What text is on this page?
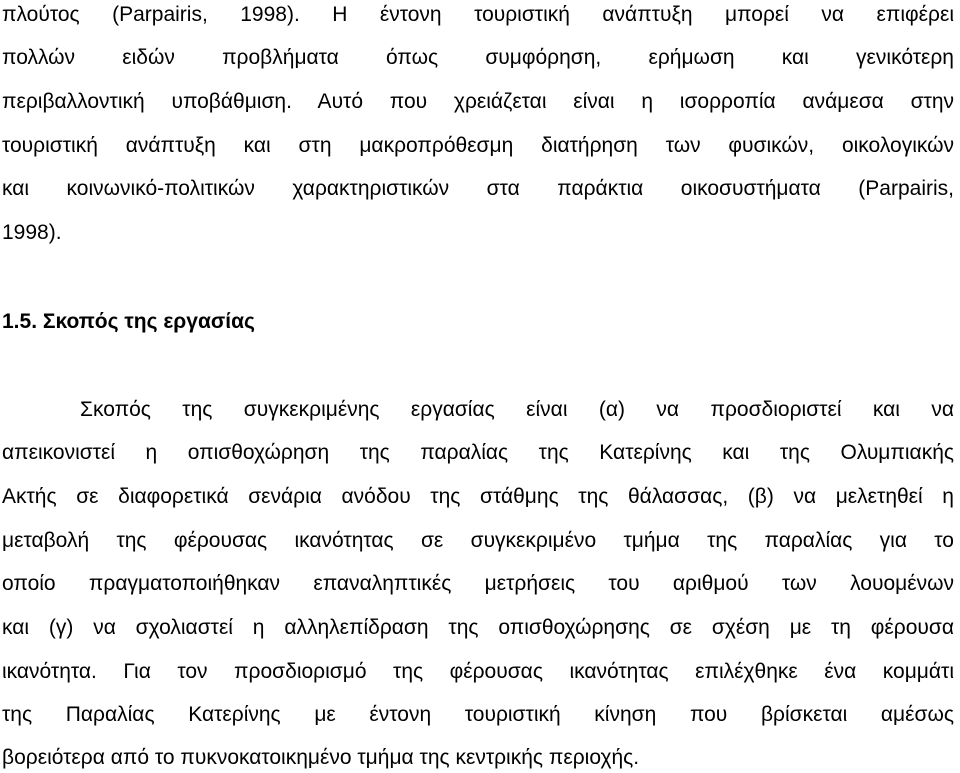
πλούτος (Parpairis, 1998). Η έντονη τουριστική ανάπτυξη μπορεί να επιφέρει
πολλών ειδών προβλήματα όπως συμφόρηση, ερήμωση και γενικότερη
περιβαλλοντική υποβάθμιση. Αυτό που χρειάζεται είναι η ισορροπία ανάμεσα στην
τουριστική ανάπτυξη και στη μακροπρόθεσμη διατήρηση των φυσικών, οικολογικών
και κοινωνικό-πολιτικών χαρακτηριστικών στα παράκτια οικοσυστήματα (Parpairis,
1998).
1.5. Σκοπός της εργασίας
Σκοπός της συγκεκριμένης εργασίας είναι (α) να προσδιοριστεί και να
απεικονιστεί η οπισθοχώρηση της παραλίας της Κατερίνης και της Ολυμπιακής
Ακτής σε διαφορετικά σενάρια ανόδου της στάθμης της θάλασσας, (β) να μελετηθεί η
μεταβολή της φέρουσας ικανότητας σε συγκεκριμένο τμήμα της παραλίας για το
οποίο πραγματοποιήθηκαν επαναληπτικές μετρήσεις του αριθμού των λουομένων
και (γ) να σχολιαστεί η αλληλεπίδραση της οπισθοχώρησης σε σχέση με τη φέρουσα
ικανότητα. Για τον προσδιορισμό της φέρουσας ικανότητας επιλέχθηκε ένα κομμάτι
της Παραλίας Κατερίνης με έντονη τουριστική κίνηση που βρίσκεται αμέσως
βορειότερα από το πυκνοκατοικημένο τμήμα της κεντρικής περιοχής.
